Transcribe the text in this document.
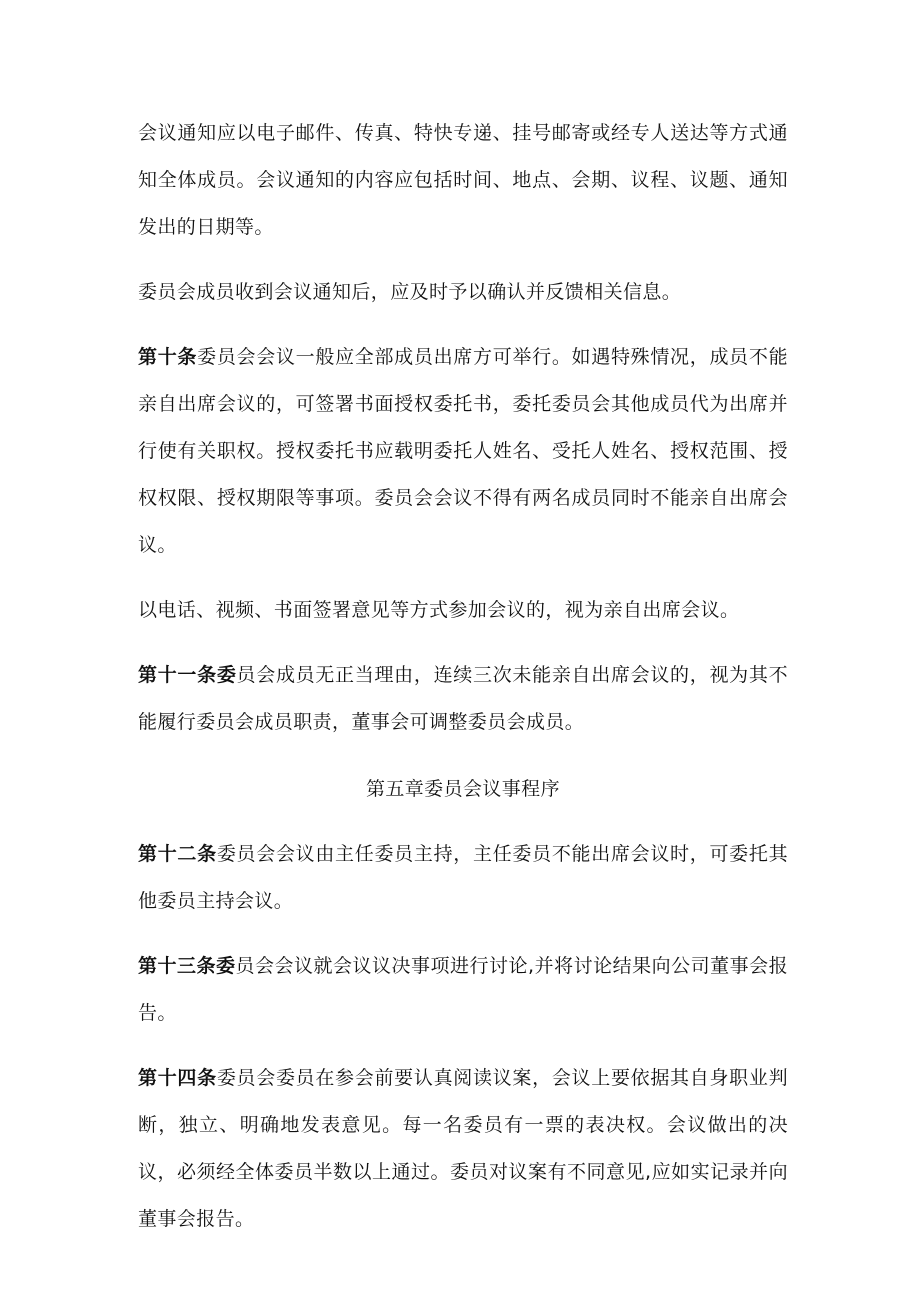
会议通知应以电子邮件、传真、特快专递、挂号邮寄或经专人送达等方式通知全体成员。会议通知的内容应包括时间、地点、会期、议程、议题、通知发出的日期等。

委员会成员收到会议通知后，应及时予以确认并反馈相关信息。

第十条委员会会议一般应全部成员出席方可举行。如遇特殊情况，成员不能亲自出席会议的，可签署书面授权委托书，委托委员会其他成员代为出席并行使有关职权。授权委托书应载明委托人姓名、受托人姓名、授权范围、授权权限、授权期限等事项。委员会会议不得有两名成员同时不能亲自出席会议。

以电话、视频、书面签署意见等方式参加会议的，视为亲自出席会议。

第十一条委员会成员无正当理由，连续三次未能亲自出席会议的，视为其不能履行委员会成员职责，董事会可调整委员会成员。

第五章委员会议事程序

第十二条委员会会议由主任委员主持，主任委员不能出席会议时，可委托其他委员主持会议。

第十三条委员会会议就会议议决事项进行讨论,并将讨论结果向公司董事会报告。

第十四条委员会委员在参会前要认真阅读议案，会议上要依据其自身职业判断，独立、明确地发表意见。每一名委员有一票的表决权。会议做出的决议，必须经全体委员半数以上通过。委员对议案有不同意见,应如实记录并向董事会报告。
